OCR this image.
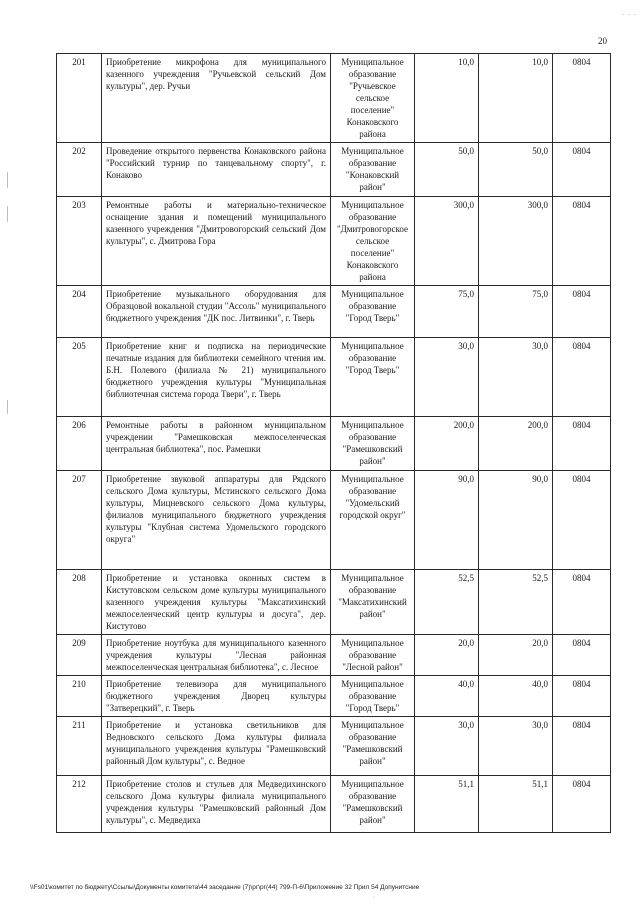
. . .
20
201	Приобретение микрофона для муниципального казенного учреждения "Ручьевской сельский Дом культуры", дер. Ручьи	Муниципальное образование "Ручьевское сельское поселение" Конаковского района	10,0	10,0	0804
202	Проведение открытого первенства Конаковского района "Российский турнир по танцевальному спорту", г. Конаково	Муниципальное образование "Конаковский район"	50,0	50,0	0804
203	Ремонтные работы и материально-техническое оснащение здания и помещений муниципального казенного учреждения "Дмитровогорский сельский Дом культуры", с. Дмитрова Гора	Муниципальное образование "Дмитровогорское сельское поселение" Конаковского района	300,0	300,0	0804
204	Приобретение музыкального оборудования для Образцовой вокальной студии "Ассоль" муниципального бюджетного учреждения "ДК пос. Литвинки", г. Тверь	Муниципальное образование "Город Тверь"	75,0	75,0	0804
205	Приобретение книг и подписка на периодические печатные издания для библиотеки семейного чтения им. Б.Н. Полевого (филиала № 21) муниципального бюджетного учреждения культуры "Муниципальная библиотечная система города Твери", г. Тверь	Муниципальное образование "Город Тверь"	30,0	30,0	0804
206	Ремонтные работы в районном муниципальном учреждении "Рамешковская межпоселенческая центральная библиотека", пос. Рамешки	Муниципальное образование "Рамешковский район"	200,0	200,0	0804
207	Приобретение звуковой аппаратуры для Рядского сельского Дома культуры, Мстинского сельского Дома культуры, Мицневского сельского Дома культуры, филиалов муниципального бюджетного учреждения культуры "Клубная система Удомельского городского округа"	Муниципальное образование "Удомельский городской округ"	90,0	90,0	0804
208	Приобретение и установка оконных систем в Кистутовском сельском доме культуры муниципального казенного учреждения культуры "Максатихинский межпоселенческий центр культуры и досуга", дер. Кистутово	Муниципальное образование "Максатихинский район"	52,5	52,5	0804
209	Приобретение ноутбука для муниципального казенного учреждения культуры "Лесная районная межпоселенческая центральная библиотека", с. Лесное	Муниципальное образование "Лесной район"	20,0	20,0	0804
210	Приобретение телевизора для муниципального бюджетного учреждения Дворец культуры "Затверецкий", г. Тверь	Муниципальное образование "Город Тверь"	40,0	40,0	0804
211	Приобретение и установка светильников для Ведновского сельского Дома культуры филиала муниципального учреждения культуры "Рамешковский районный Дом культуры", с. Ведное	Муниципальное образование "Рамешковский район"	30,0	30,0	0804
212	Приобретение столов и стульев для Медведихинского сельского Дома культуры филиала муниципального учреждения культуры "Рамешковский районный Дом культуры", с. Медведиха	Муниципальное образование "Рамешковский район"	51,1	51,1	0804
\\Fs01\комитет по бюджету\Ссылы\Документы комитета\44 заседание (7)\рг\рг(44) 799-П-6\Приложение 32 Прил 54 Допунитсние
·
